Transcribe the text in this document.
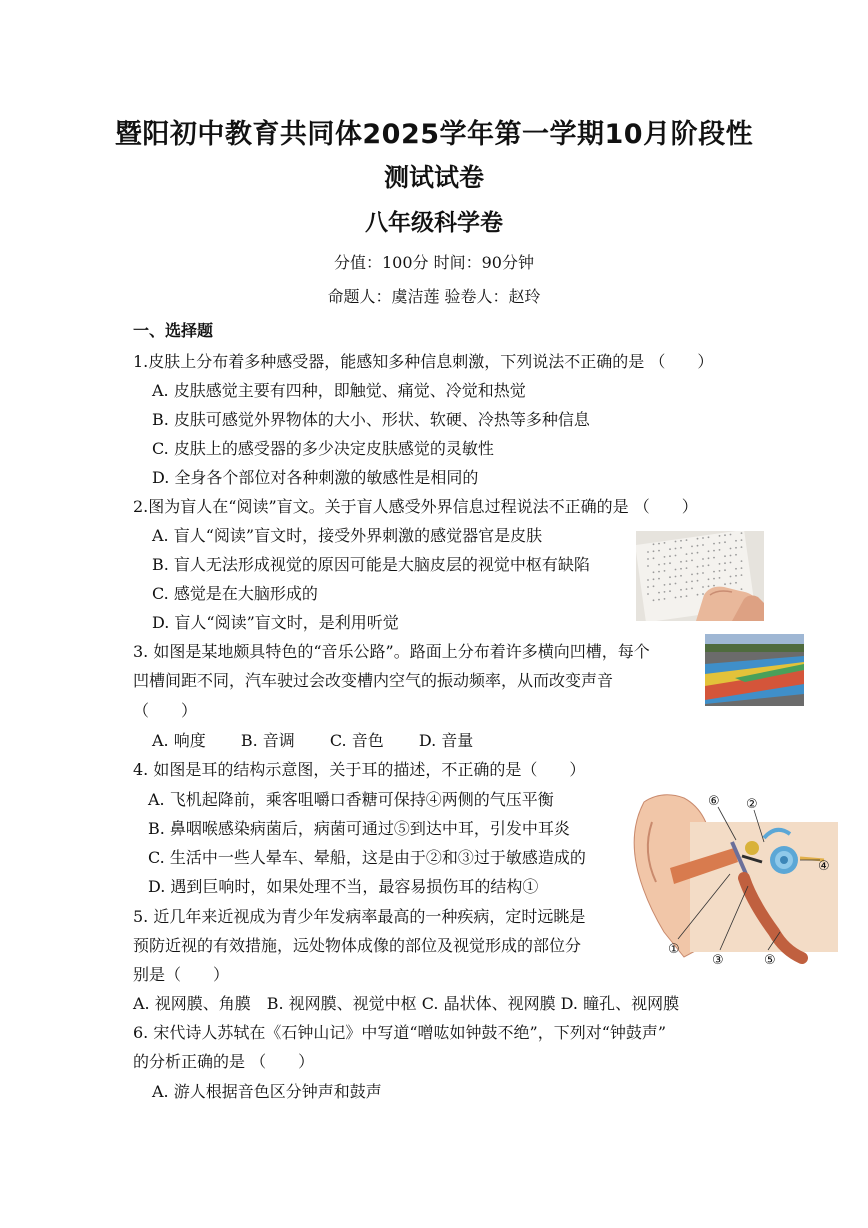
暨阳初中教育共同体2025学年第一学期10月阶段性
测试试卷
八年级科学卷
分值：100分 时间：90分钟
命题人：虞洁莲 验卷人：赵玲
一、选择题
1.皮肤上分布着多种感受器，能感知多种信息刺激，下列说法不正确的是 （　　）
A. 皮肤感觉主要有四种，即触觉、痛觉、冷觉和热觉
B. 皮肤可感觉外界物体的大小、形状、软硬、冷热等多种信息
C. 皮肤上的感受器的多少决定皮肤感觉的灵敏性
D. 全身各个部位对各种刺激的敏感性是相同的
2.图为盲人在“阅读”盲文。关于盲人感受外界信息过程说法不正确的是 （　　）
A. 盲人“阅读”盲文时，接受外界刺激的感觉器官是皮肤
B. 盲人无法形成视觉的原因可能是大脑皮层的视觉中枢有缺陷
C. 感觉是在大脑形成的
D. 盲人“阅读”盲文时，是利用听觉
3. 如图是某地颇具特色的“音乐公路”。路面上分布着许多横向凹槽，每个
凹槽间距不同，汽车驶过会改变槽内空气的振动频率，从而改变声音
（　　）
A. 响度 B. 音调 C. 音色 D. 音量
4. 如图是耳的结构示意图，关于耳的描述，不正确的是（　　）
A. 飞机起降前，乘客咀嚼口香糖可保持④两侧的气压平衡
B. 鼻咽喉感染病菌后，病菌可通过⑤到达中耳，引发中耳炎
C. 生活中一些人晕车、晕船，这是由于②和③过于敏感造成的
D. 遇到巨响时，如果处理不当，最容易损伤耳的结构①
⑥ ②
④
①
③	⑤
5. 近几年来近视成为青少年发病率最高的一种疾病，定时远眺是
预防近视的有效措施，远处物体成像的部位及视觉形成的部位分
别是（　　）
A. 视网膜、角膜　B. 视网膜、视觉中枢 C. 晶状体、视网膜 D. 瞳孔、视网膜
6. 宋代诗人苏轼在《石钟山记》中写道“噌吰如钟鼓不绝”，下列对“钟鼓声”
的分析正确的是 （　　）
A. 游人根据音色区分钟声和鼓声
